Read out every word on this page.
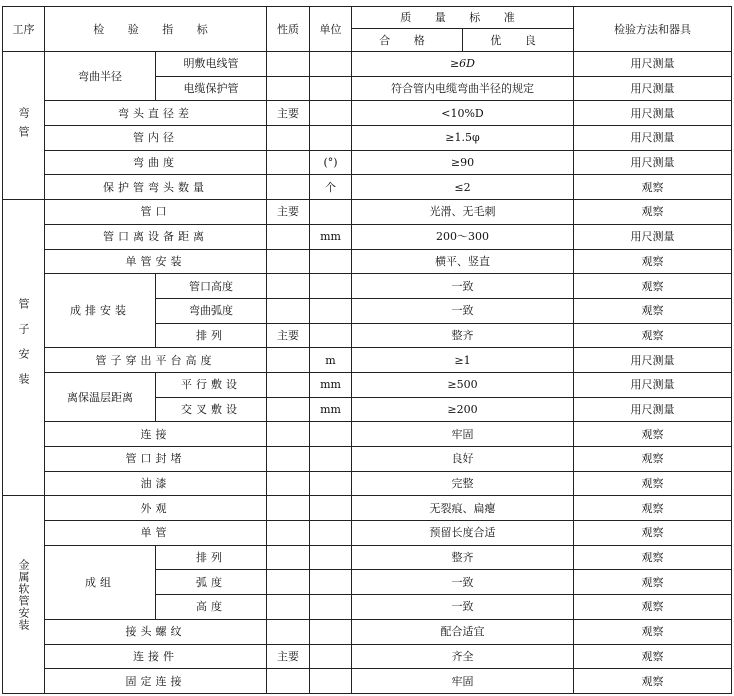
工序	检 验 指 标		性质	单位	质 量 标 准		检验方法和器具
					合 格	优 良	

弯管	弯曲半径	明敷电线管			≥6D		用尺测量
		电缆保护管			符合管内电缆弯曲半径的规定		用尺测量
	弯头直径差		主要		<10%D		用尺测量
	管内径				≥1.5φ		用尺测量
	弯曲度			(°)	≥90		用尺测量
	保护管弯头数量			个	≤2		观察

管子安装	管口		主要		光滑、无毛刺		观察
	管口离设备距离			mm	200～300		用尺测量
	单管安装				横平、竖直		观察
	成排安装	管口高度			一致		观察
		弯曲弧度			一致		观察
		排列	主要		整齐		观察
	管子穿出平台高度			m	≥1		用尺测量
	离保温层距离	平行敷设		mm	≥500		用尺测量
		交叉敷设		mm	≥200		用尺测量
	连接				牢固		观察
	管口封堵				良好		观察
	油漆				完整		观察

金属软管安装	外观				无裂痕、扁瘪		观察
	单管				预留长度合适		观察
	成组	排列			整齐		观察
		弧度			一致		观察
		高度			一致		观察
	接头螺纹				配合适宜		观察
	连接件		主要		齐全		观察
	固定连接				牢固		观察
